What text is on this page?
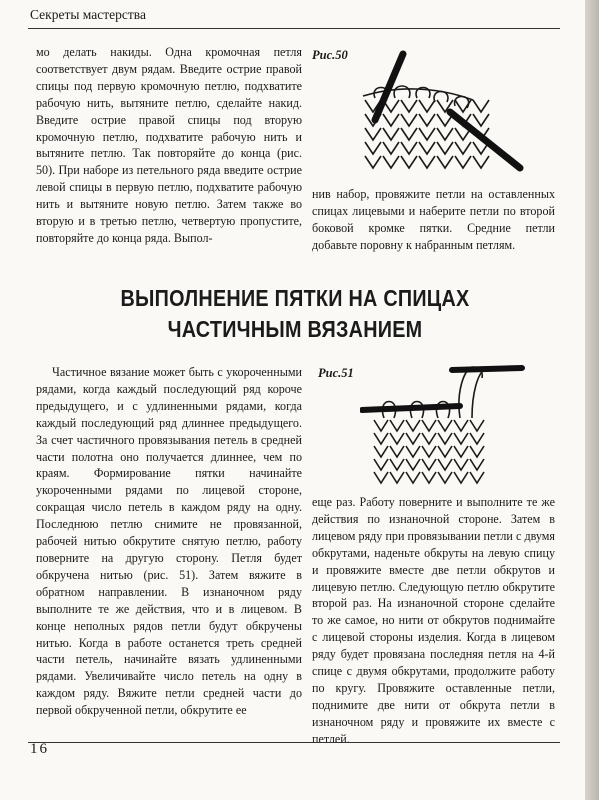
Секреты мастерства

мо делать накиды. Одна кромочная петля соответствует двум рядам. Введите острие правой спицы под первую кромочную петлю, подхватите рабочую нить, вытяните петлю, сделайте накид. Введите острие правой спицы под вторую кромочную петлю, подхватите рабочую нить и вытяните петлю. Так повторяйте до конца (рис. 50). При наборе из петельного ряда введите острие левой спицы в первую петлю, подхватите рабочую нить и вытяните новую петлю. Затем также во вторую и в третью петлю, четвертую пропустите, повторяйте до конца ряда. Выпол-

Рис.50

нив набор, провяжите петли на оставленных спицах лицевыми и наберите петли по второй боковой кромке пятки. Средние петли добавьте поровну к набранным петлям.

ВЫПОЛНЕНИЕ ПЯТКИ НА СПИЦАХ
ЧАСТИЧНЫМ ВЯЗАНИЕМ

Частичное вязание может быть с укороченными рядами, когда каждый последующий ряд короче предыдущего, и с удлиненными рядами, когда каждый последующий ряд длиннее предыдущего. За счет частичного провязывания петель в средней части полотна оно получается длиннее, чем по краям. Формирование пятки начинайте укороченными рядами по лицевой стороне, сокращая число петель в каждом ряду на одну. Последнюю петлю снимите не провязанной, рабочей нитью обкрутите снятую петлю, работу поверните на другую сторону. Петля будет обкручена нитью (рис. 51). Затем вяжите в обратном направлении. В изнаночном ряду выполните те же действия, что и в лицевом. В конце неполных рядов петли будут обкручены нитью. Когда в работе останется треть средней части петель, начинайте вязать удлиненными рядами. Увеличивайте число петель на одну в каждом ряду. Вяжите петли средней части до первой обкрученной петли, обкрутите ее

Рис.51

еще раз. Работу поверните и выполните те же действия по изнаночной стороне. Затем в лицевом ряду при провязывании петли с двумя обкрутами, наденьте обкруты на левую спицу и провяжите вместе две петли обкрутов и лицевую петлю. Следующую петлю обкрутите второй раз. На изнаночной стороне сделайте то же самое, но нити от обкрутов поднимайте с лицевой стороны изделия. Когда в лицевом ряду будет провязана последняя петля на 4-й спице с двумя обкрутами, продолжите работу по кругу. Провяжите оставленные петли, поднимите две нити от обкрута петли в изнаночном ряду и провяжите их вместе с петлей.

16
